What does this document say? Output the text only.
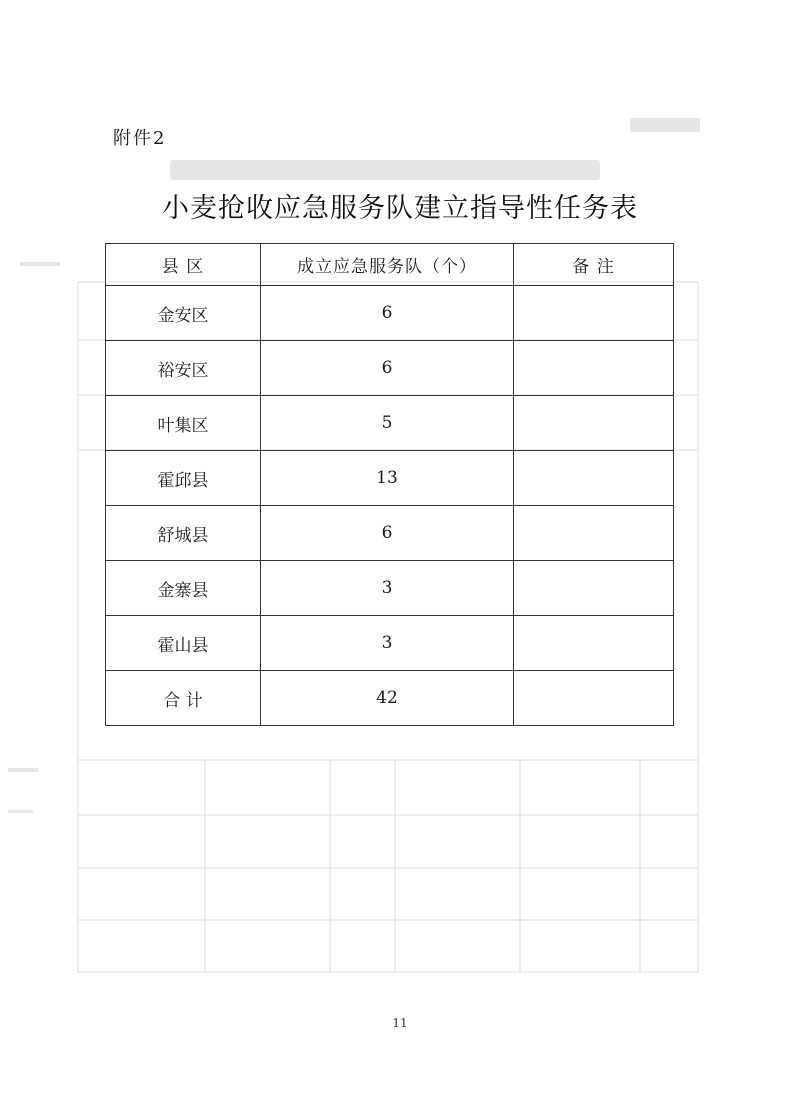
附件2
小麦抢收应急服务队建立指导性任务表
县 区	成立应急服务队（个）	备 注
金安区	6	
裕安区	6	
叶集区	5	
霍邱县	13	
舒城县	6	
金寨县	3	
霍山县	3	
合 计	42	
11
